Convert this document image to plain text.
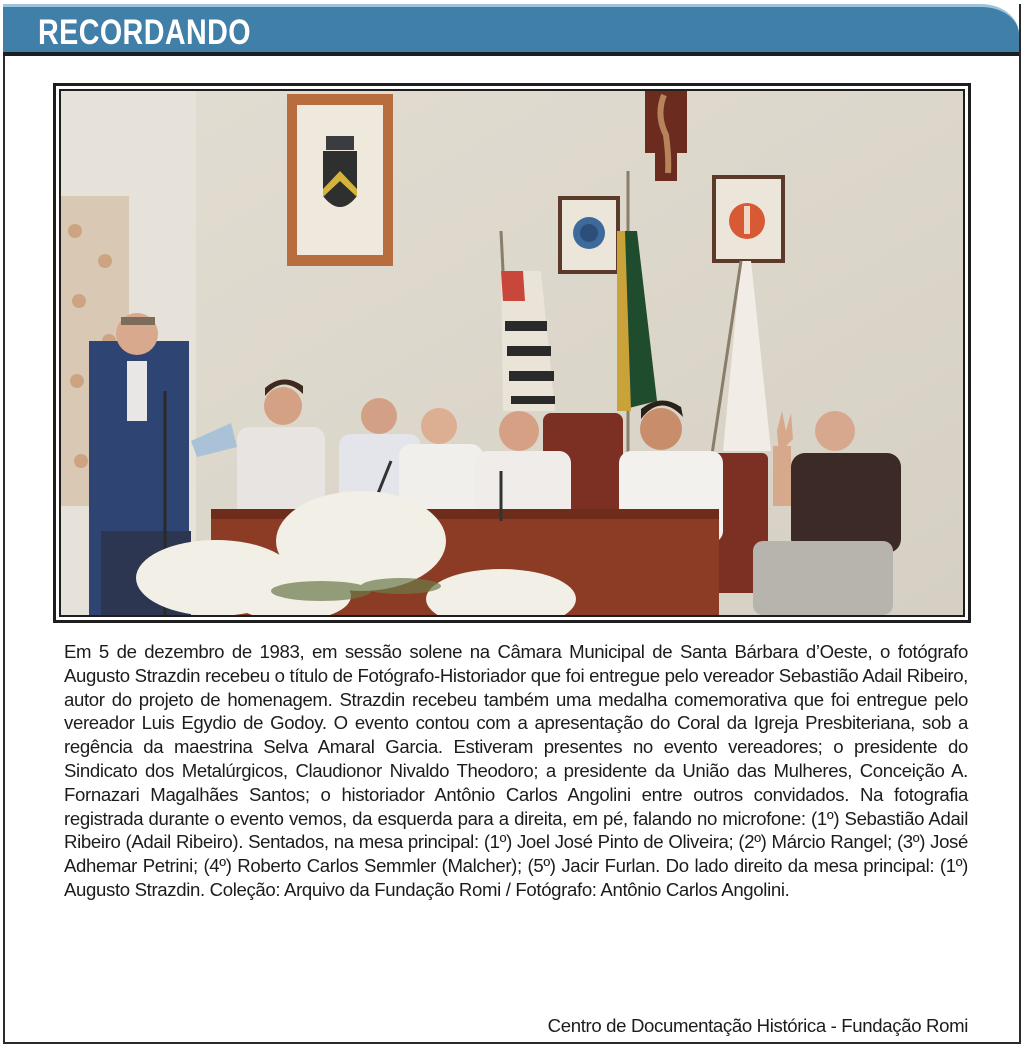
RECORDANDO
Em 5 de dezembro de 1983, em sessão solene na Câmara Municipal de Santa Bárbara d’Oeste, o fotógrafo Augusto Strazdin recebeu o título de Fotógrafo-Historiador que foi entregue pelo vereador Sebastião Adail Ribeiro, autor do projeto de homenagem. Strazdin recebeu também uma medalha comemorativa que foi entregue pelo vereador Luis Egydio de Godoy. O evento contou com a apresentação do Coral da Igreja Presbiteriana, sob a regência da maestrina Selva Amaral Garcia. Estiveram presentes no evento vereadores; o presidente do Sindicato dos Metalúrgicos, Claudionor Nivaldo Theodoro; a presidente da União das Mulheres, Conceição A. Fornazari Magalhães Santos; o historiador Antônio Carlos Angolini entre outros convidados. Na fotografia registrada durante o evento vemos, da esquerda para a direita, em pé, falando no microfone: (1º) Sebastião Adail Ribeiro (Adail Ribeiro). Sentados, na mesa principal: (1º) Joel José Pinto de Oliveira; (2º) Márcio Rangel; (3º) José Adhemar Petrini; (4º) Roberto Carlos Semmler (Malcher); (5º) Jacir Furlan. Do lado direito da mesa principal: (1º) Augusto Strazdin. Coleção: Arquivo da Fundação Romi / Fotógrafo: Antônio Carlos Angolini.
Centro de Documentação Histórica - Fundação Romi
